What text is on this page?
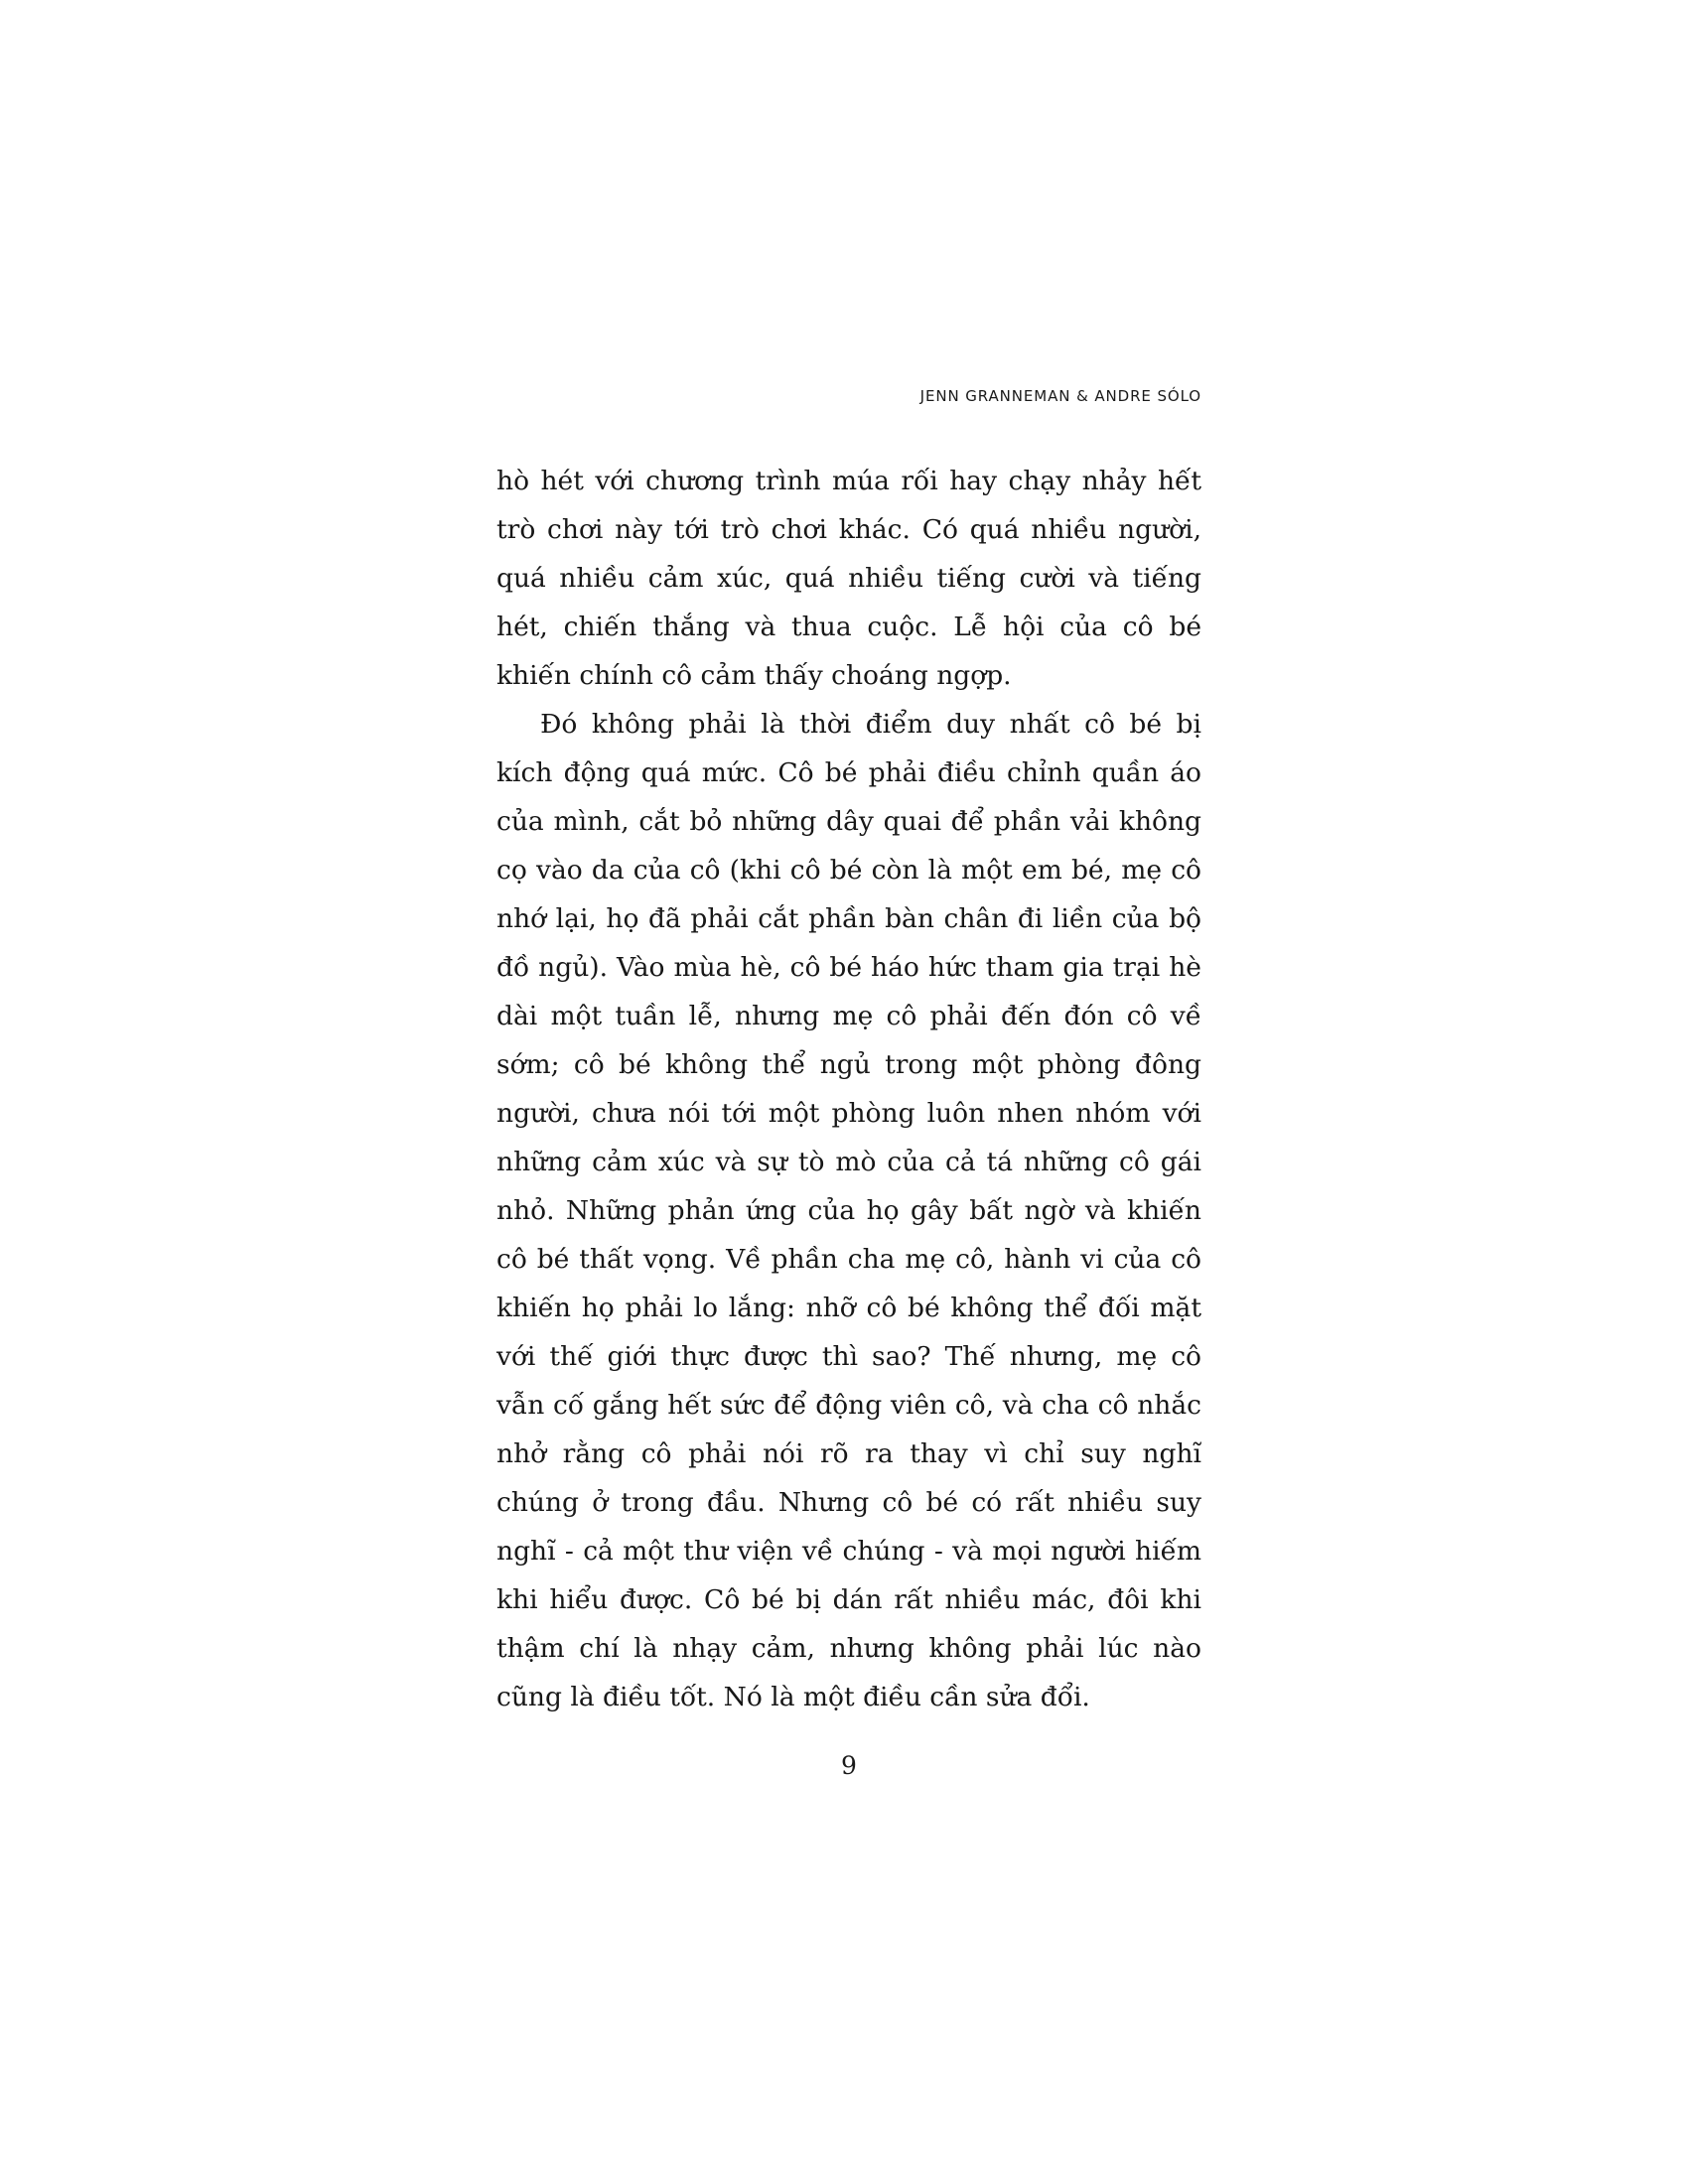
JENN GRANNEMAN & ANDRE SÓLO

hò hét với chương trình múa rối hay chạy nhảy hết trò chơi này tới trò chơi khác. Có quá nhiều người, quá nhiều cảm xúc, quá nhiều tiếng cười và tiếng hét, chiến thắng và thua cuộc. Lễ hội của cô bé khiến chính cô cảm thấy choáng ngợp.

Đó không phải là thời điểm duy nhất cô bé bị kích động quá mức. Cô bé phải điều chỉnh quần áo của mình, cắt bỏ những dây quai để phần vải không cọ vào da của cô (khi cô bé còn là một em bé, mẹ cô nhớ lại, họ đã phải cắt phần bàn chân đi liền của bộ đồ ngủ). Vào mùa hè, cô bé háo hức tham gia trại hè dài một tuần lễ, nhưng mẹ cô phải đến đón cô về sớm; cô bé không thể ngủ trong một phòng đông người, chưa nói tới một phòng luôn nhen nhóm với những cảm xúc và sự tò mò của cả tá những cô gái nhỏ. Những phản ứng của họ gây bất ngờ và khiến cô bé thất vọng. Về phần cha mẹ cô, hành vi của cô khiến họ phải lo lắng: nhỡ cô bé không thể đối mặt với thế giới thực được thì sao? Thế nhưng, mẹ cô vẫn cố gắng hết sức để động viên cô, và cha cô nhắc nhở rằng cô phải nói rõ ra thay vì chỉ suy nghĩ chúng ở trong đầu. Nhưng cô bé có rất nhiều suy nghĩ - cả một thư viện về chúng - và mọi người hiếm khi hiểu được. Cô bé bị dán rất nhiều mác, đôi khi thậm chí là nhạy cảm, nhưng không phải lúc nào cũng là điều tốt. Nó là một điều cần sửa đổi.

9
